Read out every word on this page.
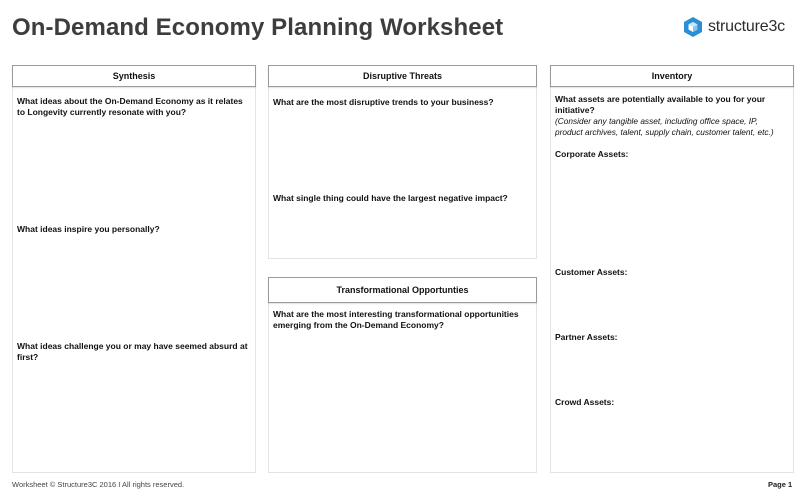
On-Demand Economy Planning Worksheet	structure3c
Synthesis
What ideas about the On-Demand Economy as it relates to Longevity currently resonate with you?
What ideas inspire you personally?
What ideas challenge you or may have seemed absurd at first?
Disruptive Threats
What are the most disruptive trends to your business?
What single thing could have the largest negative impact?
Transformational Opportunties
What are the most interesting transformational opportunities emerging from the On-Demand Economy?
Inventory
What assets are potentially available to you for your initiative?
(Consider any tangible asset, including office space, IP, product archives, talent, supply chain, customer talent, etc.)
Corporate Assets:
Customer Assets:
Partner Assets:
Crowd Assets:
Worksheet © Structure3C 2016 I All rights reserved.	Page 1
